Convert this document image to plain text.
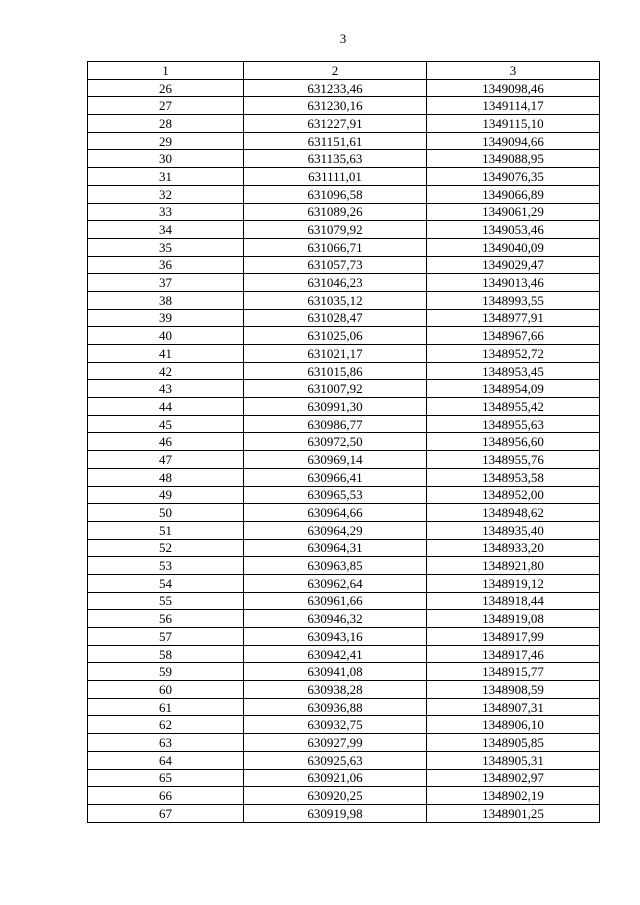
3
1	2	3
26	631233,46	1349098,46
27	631230,16	1349114,17
28	631227,91	1349115,10
29	631151,61	1349094,66
30	631135,63	1349088,95
31	631111,01	1349076,35
32	631096,58	1349066,89
33	631089,26	1349061,29
34	631079,92	1349053,46
35	631066,71	1349040,09
36	631057,73	1349029,47
37	631046,23	1349013,46
38	631035,12	1348993,55
39	631028,47	1348977,91
40	631025,06	1348967,66
41	631021,17	1348952,72
42	631015,86	1348953,45
43	631007,92	1348954,09
44	630991,30	1348955,42
45	630986,77	1348955,63
46	630972,50	1348956,60
47	630969,14	1348955,76
48	630966,41	1348953,58
49	630965,53	1348952,00
50	630964,66	1348948,62
51	630964,29	1348935,40
52	630964,31	1348933,20
53	630963,85	1348921,80
54	630962,64	1348919,12
55	630961,66	1348918,44
56	630946,32	1348919,08
57	630943,16	1348917,99
58	630942,41	1348917,46
59	630941,08	1348915,77
60	630938,28	1348908,59
61	630936,88	1348907,31
62	630932,75	1348906,10
63	630927,99	1348905,85
64	630925,63	1348905,31
65	630921,06	1348902,97
66	630920,25	1348902,19
67	630919,98	1348901,25
